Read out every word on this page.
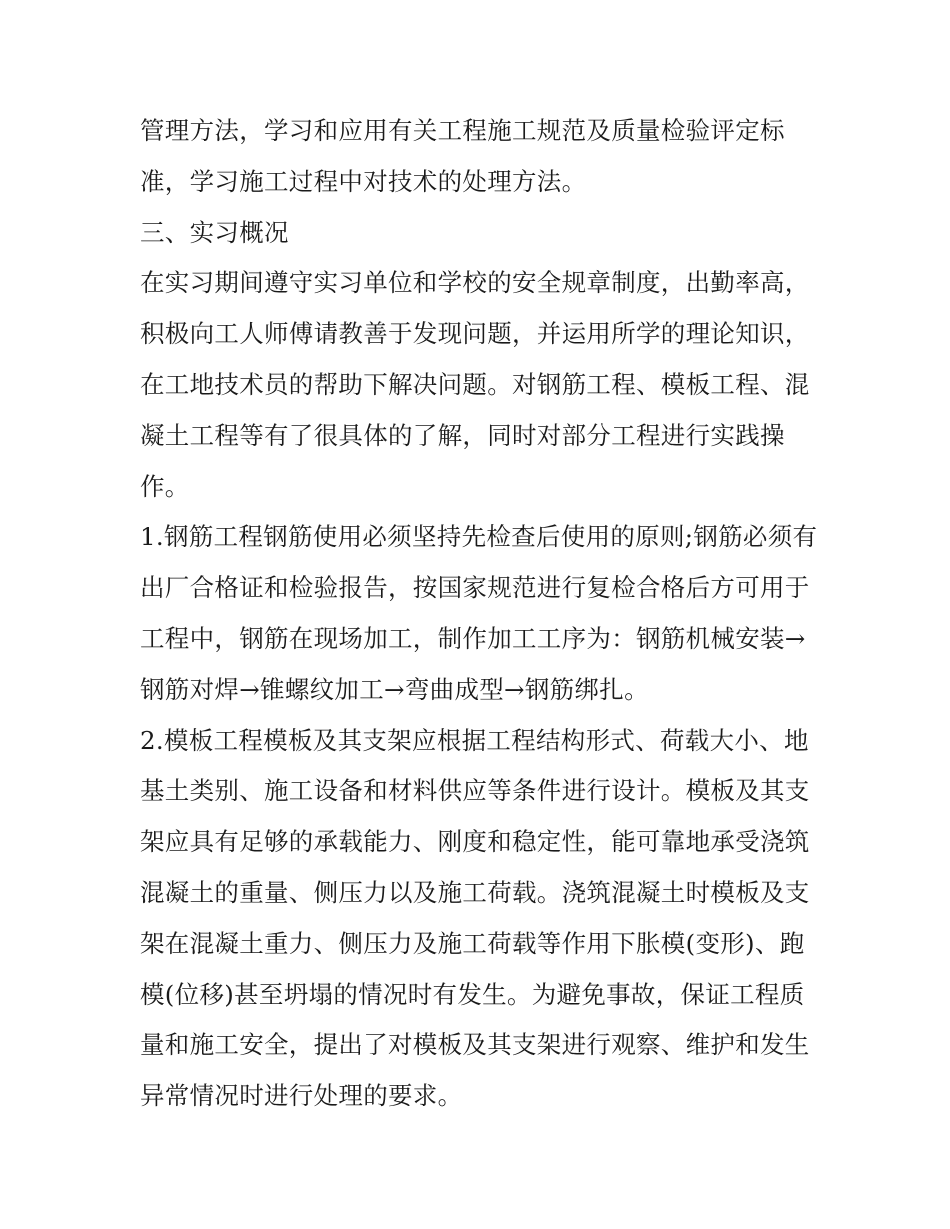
管理方法，学习和应用有关工程施工规范及质量检验评定标
准，学习施工过程中对技术的处理方法。
三、实习概况
在实习期间遵守实习单位和学校的安全规章制度，出勤率高，
积极向工人师傅请教善于发现问题，并运用所学的理论知识，
在工地技术员的帮助下解决问题。对钢筋工程、模板工程、混
凝土工程等有了很具体的了解，同时对部分工程进行实践操
作。
1.钢筋工程钢筋使用必须坚持先检查后使用的原则;钢筋必须有
出厂合格证和检验报告，按国家规范进行复检合格后方可用于
工程中，钢筋在现场加工，制作加工工序为：钢筋机械安装→
钢筋对焊→锥螺纹加工→弯曲成型→钢筋绑扎。
2.模板工程模板及其支架应根据工程结构形式、荷载大小、地
基土类别、施工设备和材料供应等条件进行设计。模板及其支
架应具有足够的承载能力、刚度和稳定性，能可靠地承受浇筑
混凝土的重量、侧压力以及施工荷载。浇筑混凝土时模板及支
架在混凝土重力、侧压力及施工荷载等作用下胀模(变形)、跑
模(位移)甚至坍塌的情况时有发生。为避免事故，保证工程质
量和施工安全，提出了对模板及其支架进行观察、维护和发生
异常情况时进行处理的要求。
